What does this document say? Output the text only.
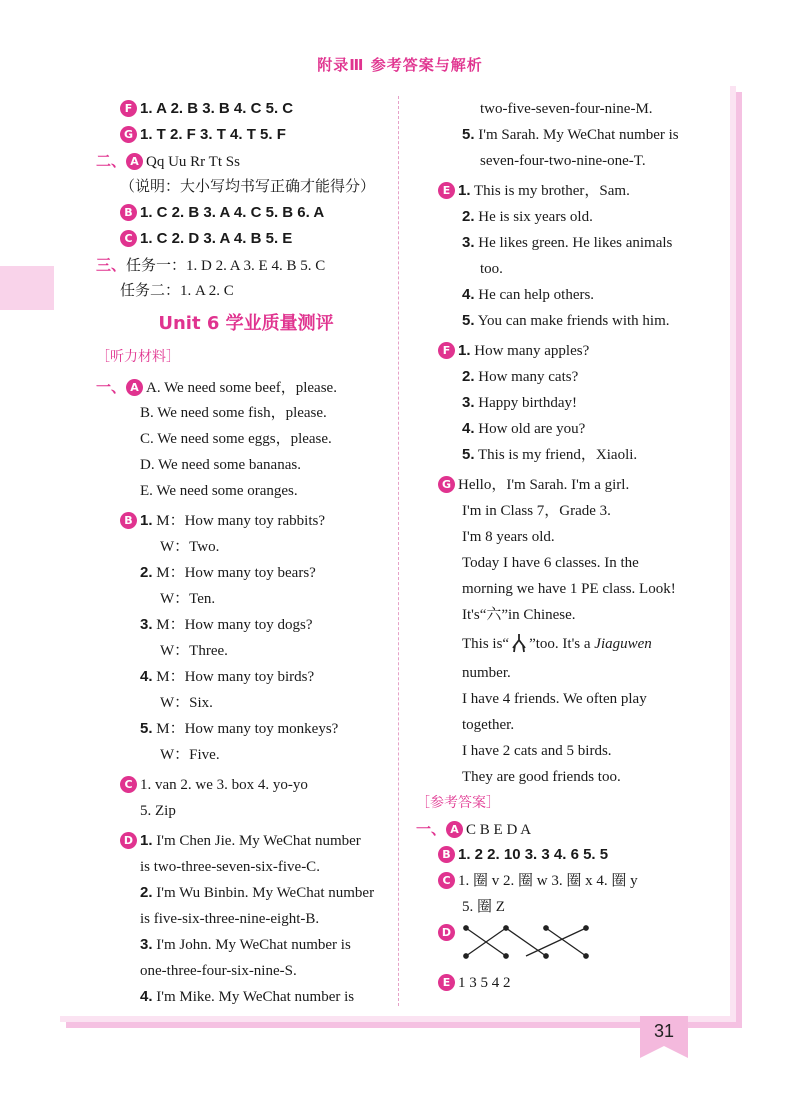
附录Ⅲ 参考答案与解析
F 1. A 2. B 3. B 4. C 5. C
G 1. T 2. F 3. T 4. T 5. F
二、 A Qq Uu Rr Tt Ss
（说明：大小写均书写正确才能得分）
B 1. C 2. B 3. A 4. C 5. B 6. A
C 1. C 2. D 3. A 4. B 5. E
三、任务一：1. D 2. A 3. E 4. B 5. C
任务二：1. A 2. C
Unit 6 学业质量测评
［听力材料］
一、 A A. We need some beef，please.
B. We need some fish，please.
C. We need some eggs，please.
D. We need some bananas.
E. We need some oranges.
B 1. M：How many toy rabbits?
W：Two.
2. M：How many toy bears?
W：Ten.
3. M：How many toy dogs?
W：Three.
4. M：How many toy birds?
W：Six.
5. M：How many toy monkeys?
W：Five.
C 1. van 2. we 3. box 4. yo-yo
5. Zip
D 1. I'm Chen Jie. My WeChat number
is two-three-seven-six-five-C.
2. I'm Wu Binbin. My WeChat number
is five-six-three-nine-eight-B.
3. I'm John. My WeChat number is
one-three-four-six-nine-S.
4. I'm Mike. My WeChat number is
two-five-seven-four-nine-M.
5. I'm Sarah. My WeChat number is
seven-four-two-nine-one-T.
E 1. This is my brother，Sam.
2. He is six years old.
3. He likes green. He likes animals
too.
4. He can help others.
5. You can make friends with him.
F 1. How many apples?
2. How many cats?
3. Happy birthday!
4. How old are you?
5. This is my friend，Xiaoli.
G Hello，I'm Sarah. I'm a girl.
I'm in Class 7，Grade 3.
I'm 8 years old.
Today I have 6 classes. In the
morning we have 1 PE class. Look!
It's“六”in Chinese.
This is“ ”too. It's a Jiaguwen
number.
I have 4 friends. We often play
together.
I have 2 cats and 5 birds.
They are good friends too.
［参考答案］
一、 A C B E D A
B 1. 2 2. 10 3. 3 4. 6 5. 5
C 1. 圈 v 2. 圈 w 3. 圈 x 4. 圈 y
5. 圈 Z
D
E 1 3 5 4 2
31
